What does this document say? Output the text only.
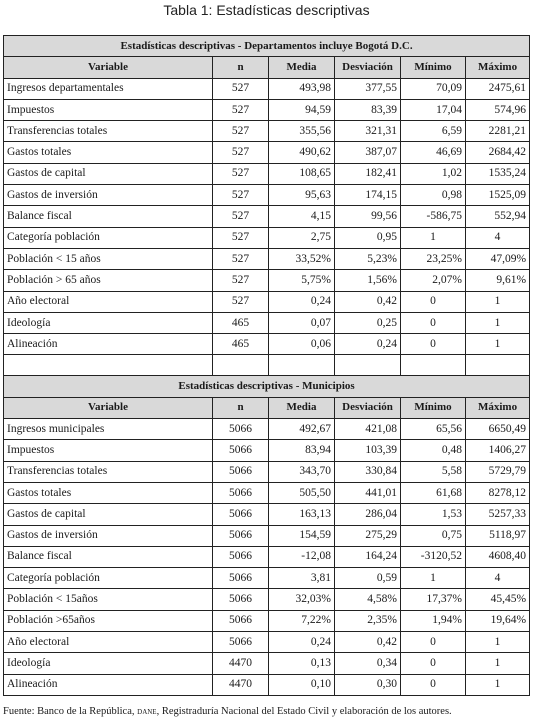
Tabla 1: Estadísticas descriptivas
Estadísticas descriptivas - Departamentos incluye Bogotá D.C.					
Variable	n	Media	Desviación	Mínimo	Máximo
Ingresos departamentales	527	493,98	377,55	70,09	2475,61
Impuestos	527	94,59	83,39	17,04	574,96
Transferencias totales	527	355,56	321,31	6,59	2281,21
Gastos totales	527	490,62	387,07	46,69	2684,42
Gastos de capital	527	108,65	182,41	1,02	1535,24
Gastos de inversión	527	95,63	174,15	0,98	1525,09
Balance fiscal	527	4,15	99,56	-586,75	552,94
Categoría población	527	2,75	0,95	1	4
Población < 15 años	527	33,52%	5,23%	23,25%	47,09%
Población > 65 años	527	5,75%	1,56%	2,07%	9,61%
Año electoral	527	0,24	0,42	0	1
Ideología	465	0,07	0,25	0	1
Alineación	465	0,06	0,24	0	1

Estadísticas descriptivas - Municipios					
Variable	n	Media	Desviación	Mínimo	Máximo
Ingresos municipales	5066	492,67	421,08	65,56	6650,49
Impuestos	5066	83,94	103,39	0,48	1406,27
Transferencias totales	5066	343,70	330,84	5,58	5729,79
Gastos totales	5066	505,50	441,01	61,68	8278,12
Gastos de capital	5066	163,13	286,04	1,53	5257,33
Gastos de inversión	5066	154,59	275,29	0,75	5118,97
Balance fiscal	5066	-12,08	164,24	-3120,52	4608,40
Categoría población	5066	3,81	0,59	1	4
Población < 15años	5066	32,03%	4,58%	17,37%	45,45%
Población >65años	5066	7,22%	2,35%	1,94%	19,64%
Año electoral	5066	0,24	0,42	0	1
Ideología	4470	0,13	0,34	0	1
Alineación	4470	0,10	0,30	0	1
Fuente: Banco de la República, dane, Registraduría Nacional del Estado Civil y elaboración de los autores.
